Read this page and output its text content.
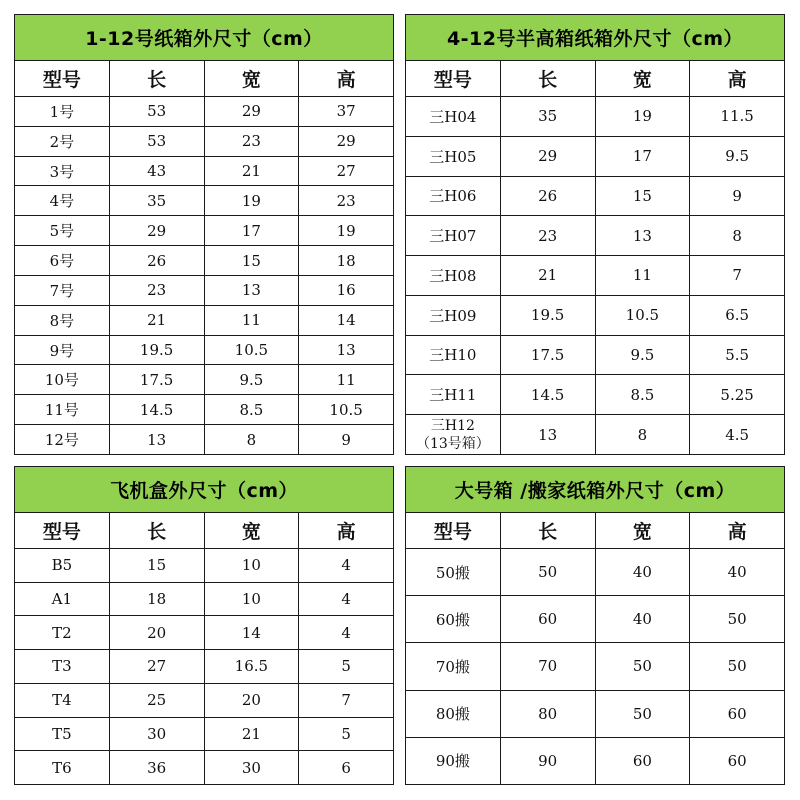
1-12号纸箱外尺寸（cm）			
型号	长	宽	高
1号	53	29	37
2号	53	23	29
3号	43	21	27
4号	35	19	23
5号	29	17	19
6号	26	15	18
7号	23	13	16
8号	21	11	14
9号	19.5	10.5	13
10号	17.5	9.5	11
11号	14.5	8.5	10.5
12号	13	8	9
4-12号半高箱纸箱外尺寸（cm）			
型号	长	宽	高
三H04	35	19	11.5
三H05	29	17	9.5
三H06	26	15	9
三H07	23	13	8
三H08	21	11	7
三H09	19.5	10.5	6.5
三H10	17.5	9.5	5.5
三H11	14.5	8.5	5.25
三H12
（13号箱）	13	8	4.5
飞机盒外尺寸（cm）			
型号	长	宽	高
B5	15	10	4
A1	18	10	4
T2	20	14	4
T3	27	16.5	5
T4	25	20	7
T5	30	21	5
T6	36	30	6
大号箱 /搬家纸箱外尺寸（cm）			
型号	长	宽	高
50搬	50	40	40
60搬	60	40	50
70搬	70	50	50
80搬	80	50	60
90搬	90	60	60
